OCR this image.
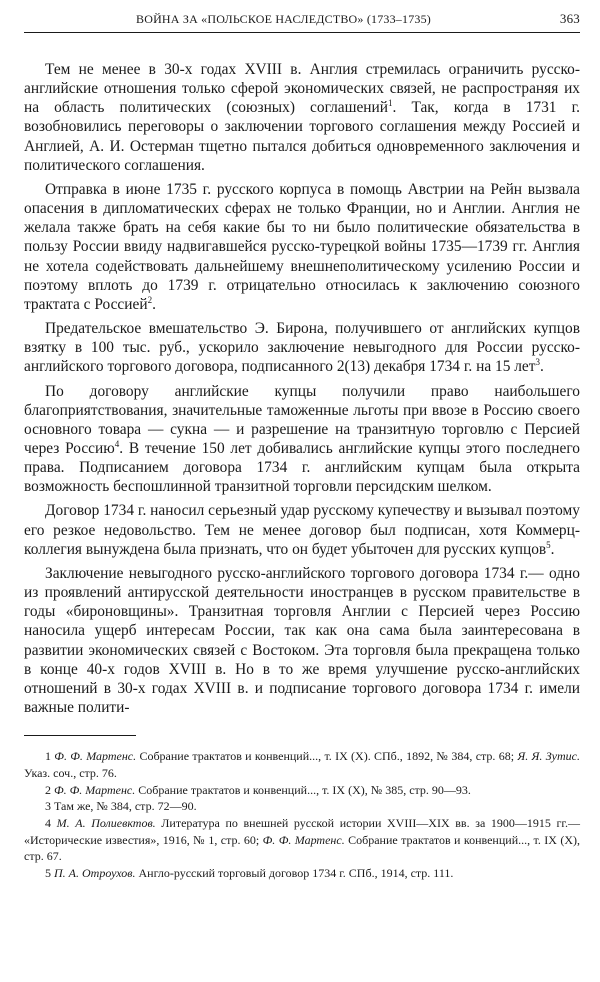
ВОЙНА ЗА «ПОЛЬСКОЕ НАСЛЕДСТВО» (1733–1735)	363

Тем не менее в 30-х годах XVIII в. Англия стремилась ограничить русско-английские отношения только сферой экономических связей, не распространяя их на область политических (союзных) соглашений$^1$. Так, когда в 1731 г. возобновились переговоры о заключении торгового соглашения между Россией и Англией, А. И. Остерман тщетно пытался добиться одновременного заключения и политического соглашения.

Отправка в июне 1735 г. русского корпуса в помощь Австрии на Рейн вызвала опасения в дипломатических сферах не только Франции, но и Англии. Англия не желала также брать на себя какие бы то ни было политические обязательства в пользу России ввиду надвигавшейся русско-турецкой войны 1735—1739 гг. Англия не хотела содействовать дальнейшему внешнеполитическому усилению России и поэтому вплоть до 1739 г. отрицательно относилась к заключению союзного трактата с Россией$^2$.

Предательское вмешательство Э. Бирона, получившего от английских купцов взятку в 100 тыс. руб., ускорило заключение невыгодного для России русско-английского торгового договора, подписанного 2(13) декабря 1734 г. на 15 лет$^3$.

По договору английские купцы получили право наибольшего благоприятствования, значительные таможенные льготы при ввозе в Россию своего основного товара — сукна — и разрешение на транзитную торговлю с Персией через Россию$^4$. В течение 150 лет добивались английские купцы этого последнего права. Подписанием договора 1734 г. английским купцам была открыта возможность беспошлинной транзитной торговли персидским шелком.

Договор 1734 г. наносил серьезный удар русскому купечеству и вызывал поэтому его резкое недовольство. Тем не менее договор был подписан, хотя Коммерц-коллегия вынуждена была признать, что он будет убыточен для русских купцов$^5$.

Заключение невыгодного русско-английского торгового договора 1734 г.— одно из проявлений антирусской деятельности иностранцев в русском правительстве в годы «бироновщины». Транзитная торговля Англии с Персией через Россию наносила ущерб интересам России, так как она сама была заинтересована в развитии экономических связей с Востоком. Эта торговля была прекращена только в конце 40-х годов XVIII в. Но в то же время улучшение русско-английских отношений в 30-х годах XVIII в. и подписание торгового договора 1734 г. имели важные полити-

1 Ф. Ф. Мартенс. Собрание трактатов и конвенций..., т. IX (X). СПб., 1892, № 384, стр. 68; Я. Я. Зутис. Указ. соч., стр. 76.

2 Ф. Ф. Мартенс. Собрание трактатов и конвенций..., т. IX (X), № 385, стр. 90—93.

3 Там же, № 384, стр. 72—90.

4 М. А. Полиевктов. Литература по внешней русской истории XVIII—XIX вв. за 1900—1915 гг.— «Исторические известия», 1916, № 1, стр. 60; Ф. Ф. Мартенс. Собрание трактатов и конвенций..., т. IX (X), стр. 67.

5 П. А. Отроухов. Англо-русский торговый договор 1734 г. СПб., 1914, стр. 111.
